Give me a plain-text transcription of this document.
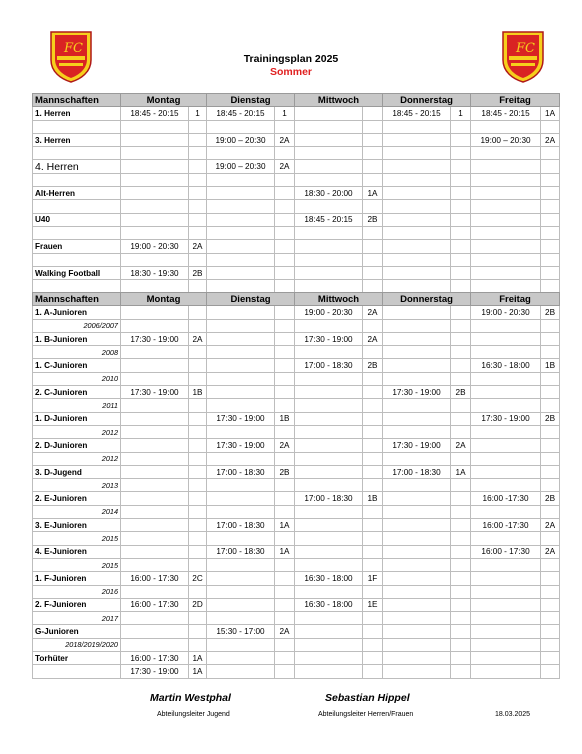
FC	FC
Trainingsplan 2025
Sommer
Mannschaften	Montag		Dienstag		Mittwoch		Donnerstag		Freitag	
1. Herren	18:45 - 20:15	1	18:45 - 20:15	1			18:45 - 20:15	1	18:45 - 20:15	1A

3. Herren			19:00 – 20:30	2A					19:00 – 20:30	2A

4. Herren			19:00 – 20:30	2A						

Alt-Herren					18:30 - 20:00	1A				

U40					18:45 - 20:15	2B				

Frauen	19:00 - 20:30	2A								

Walking Football	18:30 - 19:30	2B								

Mannschaften	Montag		Dienstag		Mittwoch		Donnerstag		Freitag	
1. A-Junioren					19:00 - 20:30	2A			19:00 - 20:30	2B
2006/2007										
1. B-Junioren	17:30 - 19:00	2A			17:30 - 19:00	2A				
2008										
1. C-Junioren					17:00 - 18:30	2B			16:30 - 18:00	1B
2010										
2. C-Junioren	17:30 - 19:00	1B					17:30 - 19:00	2B		
2011										
1. D-Junioren			17:30 - 19:00	1B					17:30 - 19:00	2B
2012										
2. D-Junioren			17:30 - 19:00	2A			17:30 - 19:00	2A		
2012										
3. D-Jugend			17:00 - 18:30	2B			17:00 - 18:30	1A		
2013										
2. E-Junioren					17:00 - 18:30	1B			16:00 -17:30	2B
2014										
3. E-Junioren			17:00 - 18:30	1A					16:00 -17:30	2A
2015										
4. E-Junioren			17:00 - 18:30	1A					16:00 - 17:30	2A
2015										
1. F-Junioren	16:00 - 17:30	2C			16:30 - 18:00	1F				
2016										
2. F-Junioren	16:00 - 17:30	2D			16:30 - 18:00	1E				
2017										
G-Junioren			15:30 - 17:00	2A						
2018/2019/2020										
Torhüter	16:00 - 17:30	1A								
	17:30 - 19:00	1A								
Martin Westphal
Abteilungsleiter Jugend
Sebastian Hippel
Abteilungsleiter Herren/Frauen	18.03.2025
